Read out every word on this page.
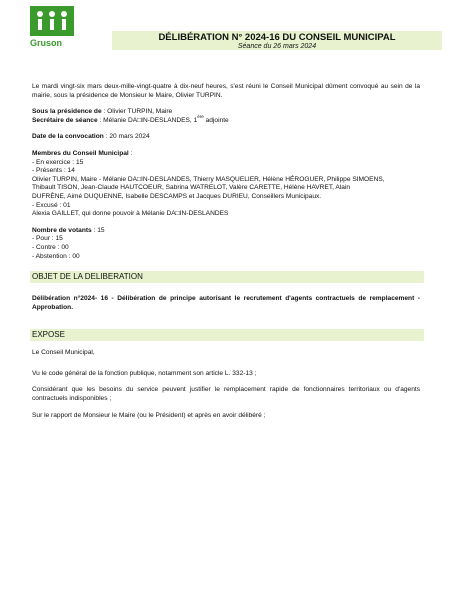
Gruson	DÉLIBÉRATION N° 2024-16 DU CONSEIL MUNICIPAL
Séance du 26 mars 2024

Le mardi vingt-six mars deux-mille-vingt-quatre à dix-neuf heures, s'est réuni le Conseil Municipal dûment convoqué au sein de la mairie, sous la présidence de Monsieur le Maire, Olivier TURPIN.

Sous la présidence de : Olivier TURPIN, Maire
Secrétaire de séance : Mélanie DA□IN-DESLANDES, 1ère adjointe
Date de la convocation : 20 mars 2024
Membres du Conseil Municipal :
- En exercice : 15
- Présents : 14
Olivier TURPIN, Maire - Mélanie DA□IN-DESLANDES, Thierry MASQUELIER, Hélène HÉROGUER, Philippe SIMOENS,
Thibault TISON, Jean-Claude HAUTCOEUR, Sabrina WATRELOT, Valère CARETTE, Hélène HAVRET, Alain
DUFRÈNE, Aimé DUQUENNE, Isabelle DESCAMPS et Jacques DURIEU, Conseillers Municipaux.
- Excusé : 01
Alexia GAILLET, qui donne pouvoir à Mélanie DA□IN-DESLANDES
Nombre de votants : 15
- Pour : 15
- Contre : 00
- Abstention : 00
OBJET DE LA DELIBERATION

Délibération n°2024- 16 - Délibération de principe autorisant le recrutement d'agents contractuels de remplacement - Approbation.

EXPOSE
Le Conseil Municipal,
Vu le code général de la fonction publique, notamment son article L. 332-13 ;

Considérant que les besoins du service peuvent justifier le remplacement rapide de fonctionnaires territoriaux ou d'agents contractuels indisponibles ;

Sur le rapport de Monsieur le Maire (ou le Président) et après en avoir délibéré ;
